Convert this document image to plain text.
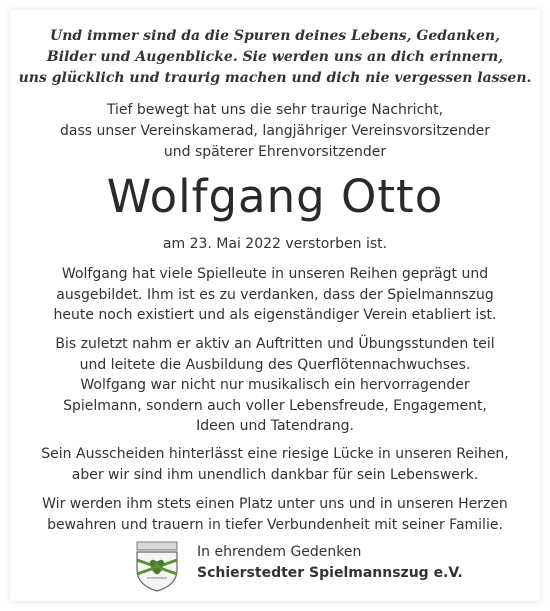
Und immer sind da die Spuren deines Lebens, Gedanken,
Bilder und Augenblicke. Sie werden uns an dich erinnern,
uns glücklich und traurig machen und dich nie vergessen lassen.
Tief bewegt hat uns die sehr traurige Nachricht,
dass unser Vereinskamerad, langjähriger Vereinsvorsitzender
und späterer Ehrenvorsitzender
Wolfgang Otto
am 23. Mai 2022 verstorben ist.
Wolfgang hat viele Spielleute in unseren Reihen geprägt und
ausgebildet. Ihm ist es zu verdanken, dass der Spielmannszug
heute noch existiert und als eigenständiger Verein etabliert ist.
Bis zuletzt nahm er aktiv an Auftritten und Übungsstunden teil
und leitete die Ausbildung des Querflötennachwuchses.
Wolfgang war nicht nur musikalisch ein hervorragender
Spielmann, sondern auch voller Lebensfreude, Engagement,
Ideen und Tatendrang.
Sein Ausscheiden hinterlässt eine riesige Lücke in unseren Reihen,
aber wir sind ihm unendlich dankbar für sein Lebenswerk.
Wir werden ihm stets einen Platz unter uns und in unseren Herzen
bewahren und trauern in tiefer Verbundenheit mit seiner Familie.
In ehrendem Gedenken
Schierstedter Spielmannszug e.V.
